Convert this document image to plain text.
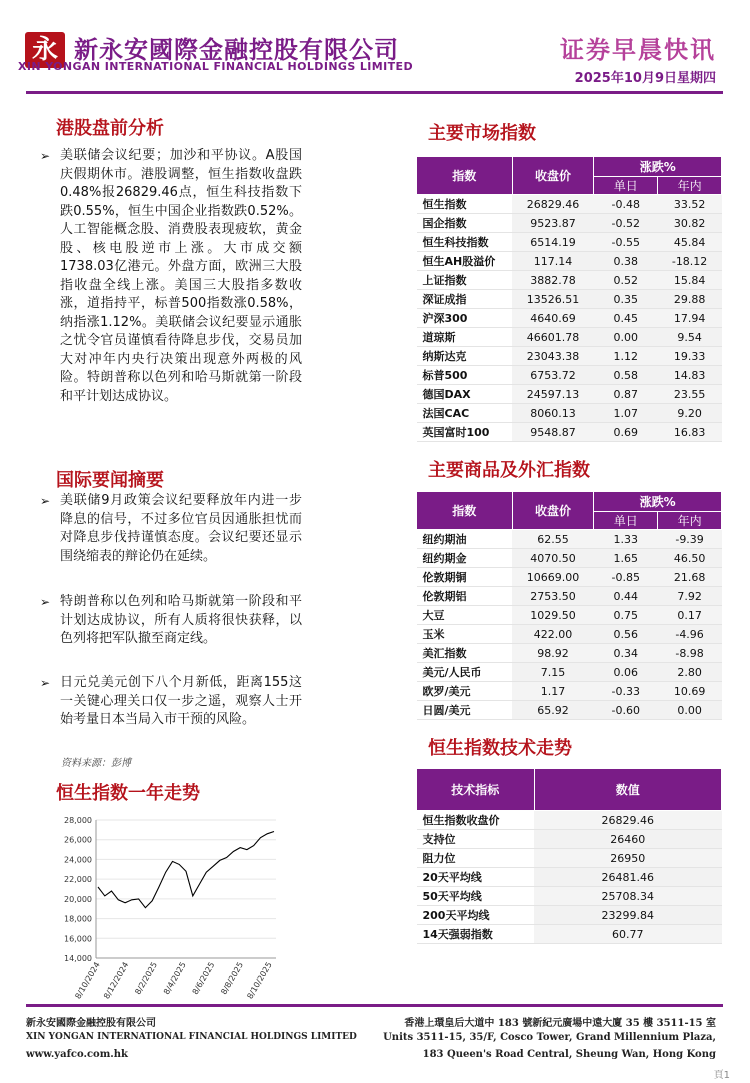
永 新永安國際金融控股有限公司
XIN YONGAN INTERNATIONAL FINANCIAL HOLDINGS LIMITED
证券早晨快讯
2025年10月9日星期四
港股盘前分析
➢ 美联储会议纪要；加沙和平协议。A股国庆假期休市。港股调整，恒生指数收盘跌0.48%报26829.46点，恒生科技指数下跌0.55%，恒生中国企业指数跌0.52%。人工智能概念股、消费股表现疲软，黄金股、核电股逆市上涨。大市成交额1738.03亿港元。外盘方面，欧洲三大股指收盘全线上涨。美国三大股指多数收涨，道指持平，标普500指数涨0.58%，纳指涨1.12%。美联储会议纪要显示通胀之忧令官员谨慎看待降息步伐，交易员加大对冲年内央行决策出现意外两极的风险。特朗普称以色列和哈马斯就第一阶段和平计划达成协议。
国际要闻摘要
➢ 美联储9月政策会议纪要释放年内进一步降息的信号，不过多位官员因通胀担忧而对降息步伐持谨慎态度。会议纪要还显示围绕缩表的辩论仍在延续。
➢ 特朗普称以色列和哈马斯就第一阶段和平计划达成协议，所有人质将很快获释，以色列将把军队撤至商定线。
➢ 日元兑美元创下八个月新低，距离155这一关键心理关口仅一步之遥，观察人士开始考量日本当局入市干预的风险。
资料来源：彭博
恒生指数一年走势
14,000
16,000
18,000
20,000
22,000
24,000
26,000
28,000
8/10/2024 8/12/2024 8/2/2025 8/4/2025 8/6/2025 8/8/2025 8/10/2025
主要市场指数
指数	收盘价	涨跌%	
		单日	年内
恒生指数	26829.46	-0.48	33.52
国企指数	9523.87	-0.52	30.82
恒生科技指数	6514.19	-0.55	45.84
恒生AH股溢价	117.14	0.38	-18.12
上证指数	3882.78	0.52	15.84
深证成指	13526.51	0.35	29.88
沪深300	4640.69	0.45	17.94
道琼斯	46601.78	0.00	9.54
纳斯达克	23043.38	1.12	19.33
标普500	6753.72	0.58	14.83
德国DAX	24597.13	0.87	23.55
法国CAC	8060.13	1.07	9.20
英国富时100	9548.87	0.69	16.83
主要商品及外汇指数
指数	收盘价	涨跌%	
		单日	年内
纽约期油	62.55	1.33	-9.39
纽约期金	4070.50	1.65	46.50
伦敦期铜	10669.00	-0.85	21.68
伦敦期铝	2753.50	0.44	7.92
大豆	1029.50	0.75	0.17
玉米	422.00	0.56	-4.96
美汇指数	98.92	0.34	-8.98
美元/人民币	7.15	0.06	2.80
欧罗/美元	1.17	-0.33	10.69
日圆/美元	65.92	-0.60	0.00
恒生指数技术走势
技术指标	数值
恒生指数收盘价	26829.46
支持位	26460
阻力位	26950
20天平均线	26481.46
50天平均线	25708.34
200天平均线	23299.84
14天强弱指数	60.77
新永安國際金融控股有限公司
XIN YONGAN INTERNATIONAL FINANCIAL HOLDINGS LIMITED
www.yafco.com.hk
香港上環皇后大道中 183 號新紀元廣場中遠大廈 35 樓 3511-15 室
Units 3511-15, 35/F, Cosco Tower, Grand Millennium Plaza,
183 Queen's Road Central, Sheung Wan, Hong Kong
頁1
